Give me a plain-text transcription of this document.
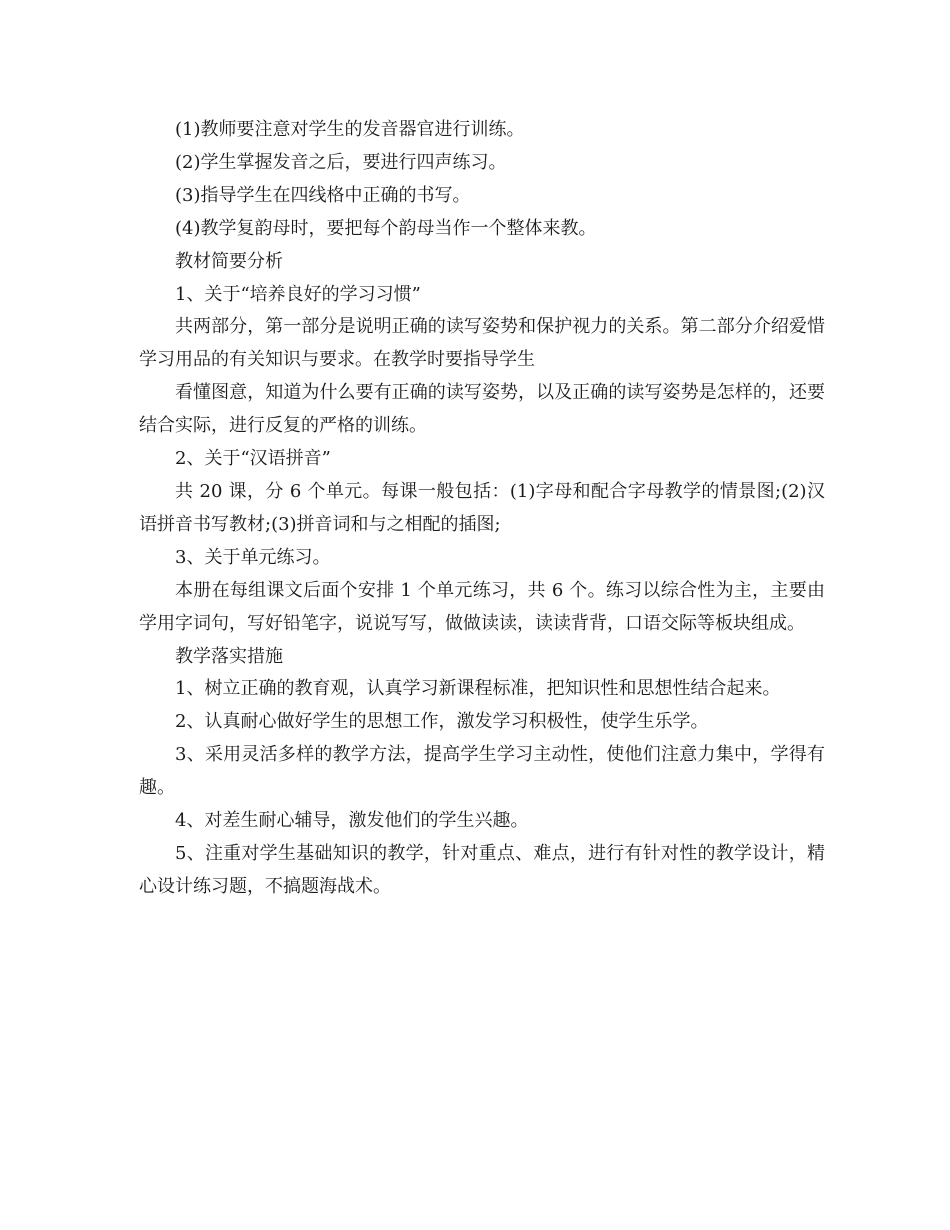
(1)教师要注意对学生的发音器官进行训练。

(2)学生掌握发音之后，要进行四声练习。

(3)指导学生在四线格中正确的书写。

(4)教学复韵母时，要把每个韵母当作一个整体来教。

教材简要分析

1、关于“培养良好的学习习惯”

共两部分，第一部分是说明正确的读写姿势和保护视力的关系。第二部分介绍爱惜学习用品的有关知识与要求。在教学时要指导学生

看懂图意，知道为什么要有正确的读写姿势，以及正确的读写姿势是怎样的，还要结合实际，进行反复的严格的训练。

2、关于“汉语拼音”

共 20 课，分 6 个单元。每课一般包括：(1)字母和配合字母教学的情景图;(2)汉语拼音书写教材;(3)拼音词和与之相配的插图;

3、关于单元练习。

本册在每组课文后面个安排 1 个单元练习，共 6 个。练习以综合性为主，主要由学用字词句，写好铅笔字，说说写写，做做读读，读读背背，口语交际等板块组成。

教学落实措施

1、树立正确的教育观，认真学习新课程标准，把知识性和思想性结合起来。

2、认真耐心做好学生的思想工作，激发学习积极性，使学生乐学。

3、采用灵活多样的教学方法，提高学生学习主动性，使他们注意力集中，学得有趣。

4、对差生耐心辅导，激发他们的学生兴趣。

5、注重对学生基础知识的教学，针对重点、难点，进行有针对性的教学设计，精心设计练习题，不搞题海战术。
